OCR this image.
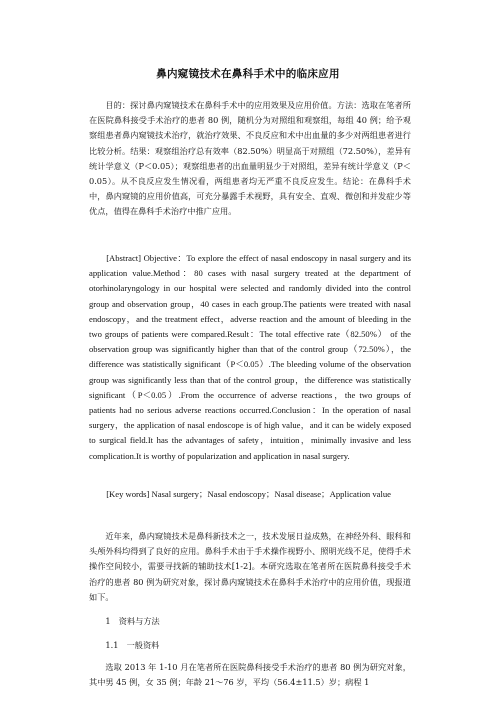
鼻内窥镜技术在鼻科手术中的临床应用

目的：探讨鼻内窥镜技术在鼻科手术中的应用效果及应用价值。方法：选取在笔者所在医院鼻科接受手术治疗的患者 80 例，随机分为对照组和观察组，每组 40 例；给予观察组患者鼻内窥镜技术治疗，就治疗效果、不良反应和术中出血量的多少对两组患者进行比较分析。结果：观察组治疗总有效率（82.50%）明显高于对照组（72.50%），差异有统计学意义（P＜0.05）；观察组患者的出血量明显少于对照组，差异有统计学意义（P＜0.05）。从不良反应发生情况看，两组患者均无严重不良反应发生。结论：在鼻科手术中，鼻内窥镜的应用价值高，可充分暴露手术视野，具有安全、直观、微创和并发症少等优点，值得在鼻科手术治疗中推广应用。

[Abstract] Objective：To explore the effect of nasal endoscopy in nasal surgery and its application value.Method：80 cases with nasal surgery treated at the department of otorhinolaryngology in our hospital were selected and randomly divided into the control group and observation group，40 cases in each group.The patients were treated with nasal endoscopy，and the treatment effect，adverse reaction and the amount of bleeding in the two groups of patients were compared.Result：The total effective rate（82.50%） of the observation group was significantly higher than that of the control group（72.50%），the difference was statistically significant（P＜0.05）.The bleeding volume of the observation group was significantly less than that of the control group，the difference was statistically significant（P＜0.05）.From the occurrence of adverse reactions，the two groups of patients had no serious adverse reactions occurred.Conclusion：In the operation of nasal surgery，the application of nasal endoscope is of high value，and it can be widely exposed to surgical field.It has the advantages of safety，intuition，minimally invasive and less complication.It is worthy of popularization and application in nasal surgery.

[Key words] Nasal surgery；Nasal endoscopy；Nasal disease；Application value

近年来，鼻内窥镜技术是鼻科新技术之一，技术发展日益成熟，在神经外科、眼科和头颅外科均得到了良好的应用。鼻科手术由于手术操作视野小、照明光线不足，使得手术操作空间较小，需要寻找新的辅助技术[1-2]。本研究选取在笔者所在医院鼻科接受手术治疗的患者 80 例为研究对象，探讨鼻内窥镜技术在鼻科手术治疗中的应用价值，现报道如下。

1　资料与方法

1.1　一般资料

选取 2013 年 1-10 月在笔者所在医院鼻科接受手术治疗的患者 80 例为研究对象，其中男 45 例，女 35 例；年龄 21～76 岁，平均（56.4±11.5）岁；病程 1
